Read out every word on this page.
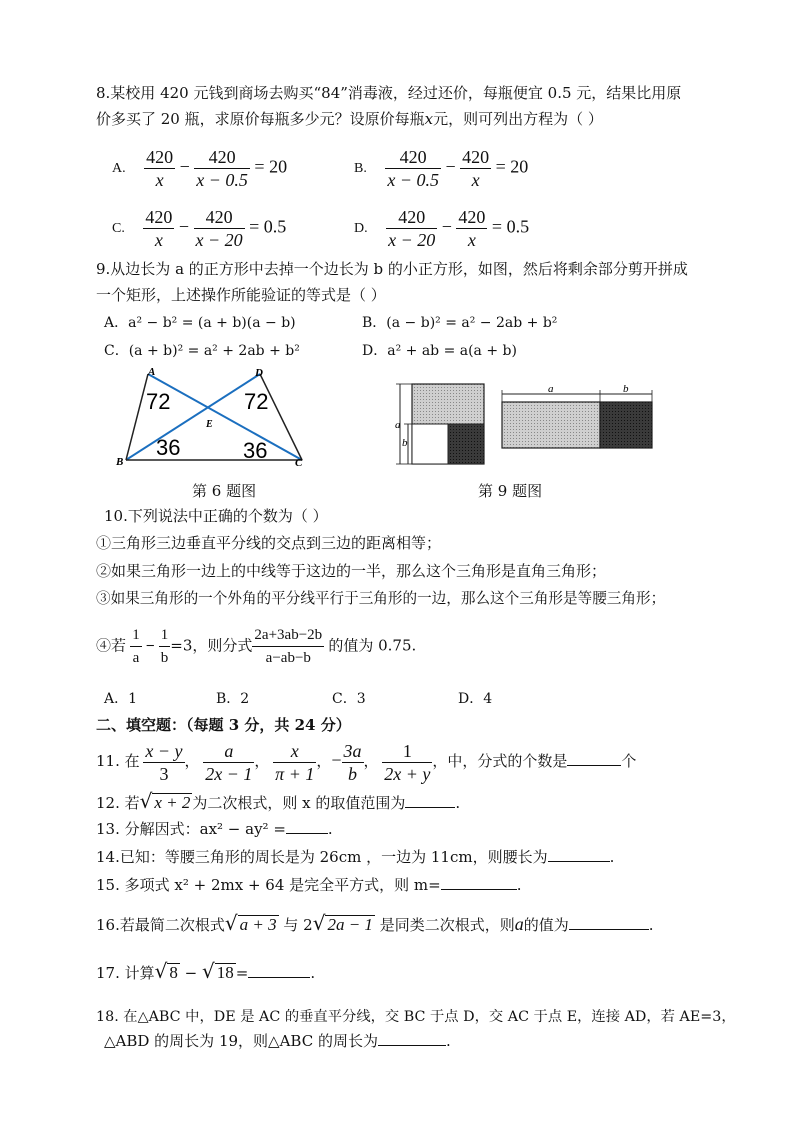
8.某校用 420 元钱到商场去购买“84”消毒液，经过还价，每瓶便宜 0.5 元，结果比用原
价多买了 20 瓶，求原价每瓶多少元？设原价每瓶x元，则可列出方程为（ ）
A. $\frac{420}{x} - \frac{420}{x - 0.5} = 20$	B. $\frac{420}{x - 0.5} - \frac{420}{x} = 20$
C. $\frac{420}{x} - \frac{420}{x - 20} = 0.5$	D. $\frac{420}{x - 20} - \frac{420}{x} = 0.5$
9.从边长为 a 的正方形中去掉一个边长为 b 的小正方形，如图，然后将剩余部分剪开拼成
一个矩形，上述操作所能验证的等式是（ ）
A．a² − b² = (a + b)(a − b)	B．(a − b)² = a² − 2ab + b²
C．(a + b)² = a² + 2ab + b²	D．a² + ab = a(a + b)
A	D
E
B	C
72	72
36	36
第 6 题图
a
b
a	b
第 9 题图
10.下列说法中正确的个数为（ ）
①三角形三边垂直平分线的交点到三边的距离相等；
②如果三角形一边上的中线等于这边的一半，那么这个三角形是直角三角形；
③如果三角形的一个外角的平分线平行于三角形的一边，那么这个三角形是等腰三角形；
④若 $\frac{1}{a} - \frac{1}{b} =3$，则分式 $\frac{2a+3ab-2b}{a-ab-b}$ 的值为 0.75.
A．1	B．2	C．3	D．4
二、填空题：（每题 3 分，共 24 分）
11. 在 $\frac{x - y}{3}$ ， $\frac{a}{2x - 1}$ ， $\frac{x}{\pi + 1}$ ，− $\frac{3a}{b}$ ， $\frac{1}{2x + y}$ ，中，分式的个数是	个
12. 若√ x + 2 为二次根式，则 x 的取值范围为	.
13. 分解因式：ax² − ay² =	.
14.已知：等腰三角形的周长是为 26cm ，一边为 11cm，则腰长为	.
15. 多项式 x² + 2mx + 64 是完全平方式，则 m=	.
16.若最简二次根式√ a + 3 与 2√ 2a − 1 是同类二次根式，则a的值为	.
17. 计算√ 8 − √ 18 =	.
18. 在△ABC 中，DE 是 AC 的垂直平分线，交 BC 于点 D，交 AC 于点 E，连接 AD，若 AE=3，
△ABD 的周长为 19，则△ABC 的周长为	.
